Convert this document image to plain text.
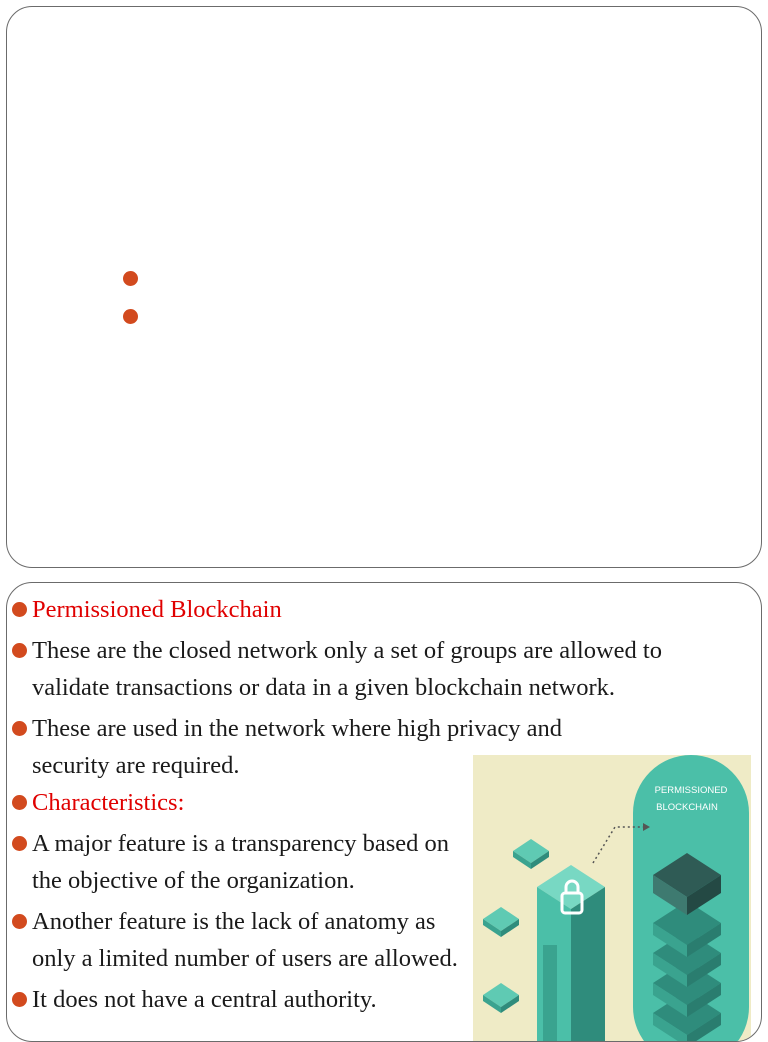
Permissioned Blockchain
These are the closed network only a set of groups are allowed to validate transactions or data in a given blockchain network.
These are used in the network where high privacy and security are required.
Characteristics:
A major feature is a transparency based on the objective of the organization.
Another feature is the lack of anatomy as only a limited number of users are allowed.
It does not have a central authority.
PERMISSIONED
BLOCKCHAIN
